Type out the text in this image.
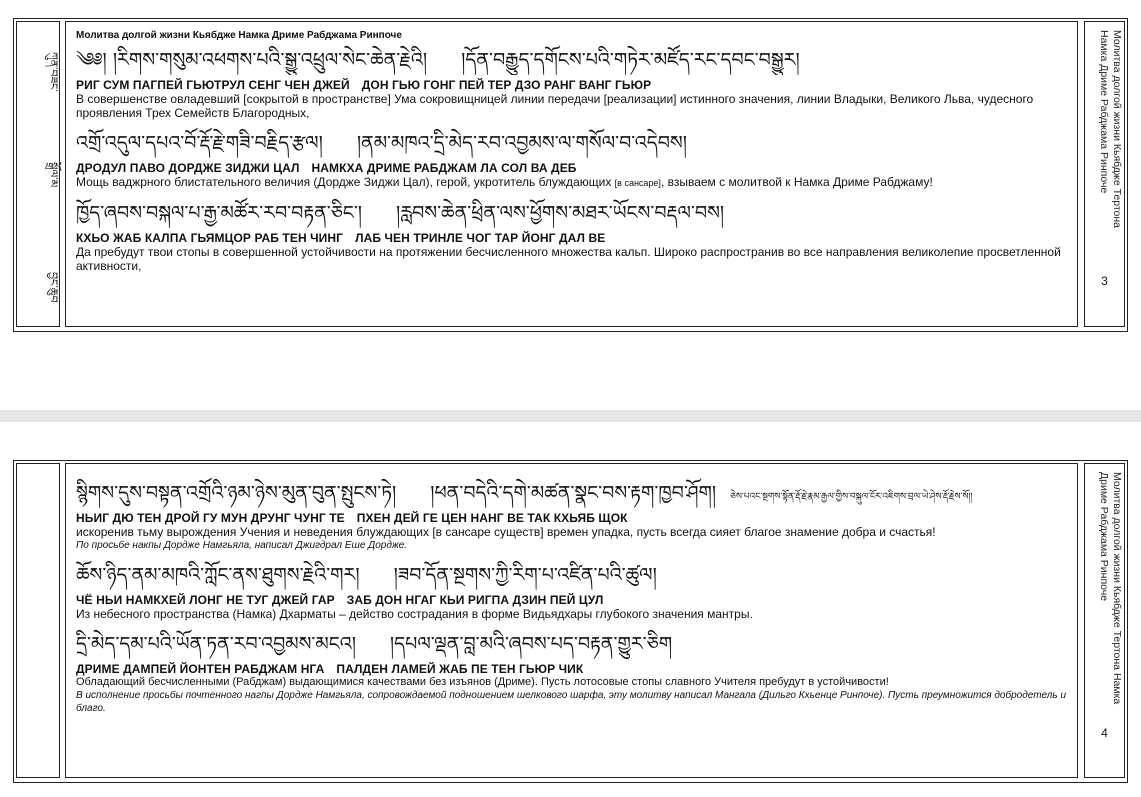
ཀུན་བཟང་
སྒྲོལ་མ
བྱང་ཆུབ
Молитва долгой жизни Кьябдже Намка Дриме Рабджама Ринпоче
༄༅། །རིགས་གསུམ་འཕགས་པའི་སྒྱུ་འཕྲུལ་སེང་ཆེན་རྗེའི། །དོན་བརྒྱུད་དགོངས་པའི་གཏེར་མཛོད་རང་དབང་བསྒྱུར།
РИГ СУМ ПАГПЕЙ ГЬЮТРУЛ СЕНГ ЧЕН ДЖЕЙ ДОН ГЬЮ ГОНГ ПЕЙ ТЕР ДЗО РАНГ ВАНГ ГЬЮР
В совершенстве овладевший [сокрытой в пространстве] Ума сокровищницей линии передачи [реализации] истинного значения, линии Владыки, Великого Льва, чудесного проявления Трех Семейств Благородных,
འགྲོ་འདུལ་དཔའ་བོ་རྡོ་རྗེ་གཟི་བརྗིད་རྩལ། །ནམ་མཁའ་དྲི་མེད་རབ་འབྱམས་ལ་གསོལ་བ་འདེབས།
ДРОДУЛ ПАВО ДОРДЖЕ ЗИДЖИ ЦАЛ НАМКХА ДРИМЕ РАБДЖАМ ЛА СОЛ ВА ДЕБ
Мощь ваджрного блистательного величия (Дордже Зиджи Цал), герой, укротитель блуждающих [в сансаре], взываем с молитвой к Намка Дриме Рабджаму!
ཁྱོད་ཞབས་བསྐལ་པ་རྒྱ་མཚོར་རབ་བརྟན་ཅིང་། །རླབས་ཆེན་ཕྲིན་ལས་ཕྱོགས་མཐར་ཡོངས་བརྡལ་བས།
КХЬО ЖАБ КАЛПА ГЬЯМЦОР РАБ ТЕН ЧИНГ ЛАБ ЧЕН ТРИНЛЕ ЧОГ ТАР ЙОНГ ДАЛ ВЕ
Да пребудут твои стопы в совершенной устойчивости на протяжении бесчисленного множества кальп. Широко распространив во все направления великолепие просветленной активности,
Молитва долгой жизни Кьябдже Тертона Намка Дриме Рабджама Ринпоче
3
སྙིགས་དུས་བསྟན་འགྲོའི་ཉམ་ཉེས་མུན་བུན་སྤུངས་ཏེ། །ཕན་བདེའི་དགེ་མཚན་སྣང་བས་རྟག་ཁྱབ་ཤོག། ཅེས་པའང་སྔགས་སྟོན་རྡོ་རྗེ་རྣམ་རྒྱལ་གྱིས་བསྐུལ་ངོར་འཇིགས་བྲལ་ཡེ་ཤེས་རྡོ་རྗེས་སོ།།
НЬИГ ДЮ ТЕН ДРОЙ ГУ МУН ДРУНГ ЧУНГ ТЕ ПХЕН ДЕЙ ГЕ ЦЕН НАНГ ВЕ ТАК КХЬЯБ ЩОК
искоренив тьму вырождения Учения и неведения блуждающих [в сансаре существ] времен упадка, пусть всегда сияет благое знамение добра и счастья!
По просьбе накпы Дордже Намгьяла, написал Джигдрал Еше Дордже.
ཆོས་ཉིད་ནམ་མཁའི་ཀློང་ནས་ཐུགས་རྗེའི་གར། །ཟབ་དོན་སྔགས་ཀྱི་རིག་པ་འཛིན་པའི་ཚུལ།
ЧЁ НЬИ НАМКХЕЙ ЛОНГ НЕ ТУГ ДЖЕЙ ГАР ЗАБ ДОН НГАГ КЬИ РИГПА ДЗИН ПЕЙ ЦУЛ
Из небесного пространства (Намка) Дхарматы – действо сострадания в форме Видьядхары глубокого значения мантры.
དྲི་མེད་དམ་པའི་ཡོན་ཏན་རབ་འབྱམས་མངའ། །དཔལ་ལྡན་བླ་མའི་ཞབས་པད་བརྟན་གྱུར་ཅིག
ДРИМЕ ДАМПЕЙ ЙОНТЕН РАБДЖАМ НГА ПАЛДЕН ЛАМЕЙ ЖАБ ПЕ ТЕН ГЬЮР ЧИК
Обладающий бесчисленными (Рабджам) выдающимися качествами без изъянов (Дриме). Пусть лотосовые стопы славного Учителя пребудут в устойчивости!
В исполнение просьбы почтенного нагпы Дордже Намгьяла, сопровождаемой подношением шелкового шарфа, эту молитву написал Мангала (Дильго Кхьенце Ринпоче). Пусть преумножится добродетель и благо.
Молитва долгой жизни Кьябдже Тертона Намка Дриме Рабджама Ринпоче
4
